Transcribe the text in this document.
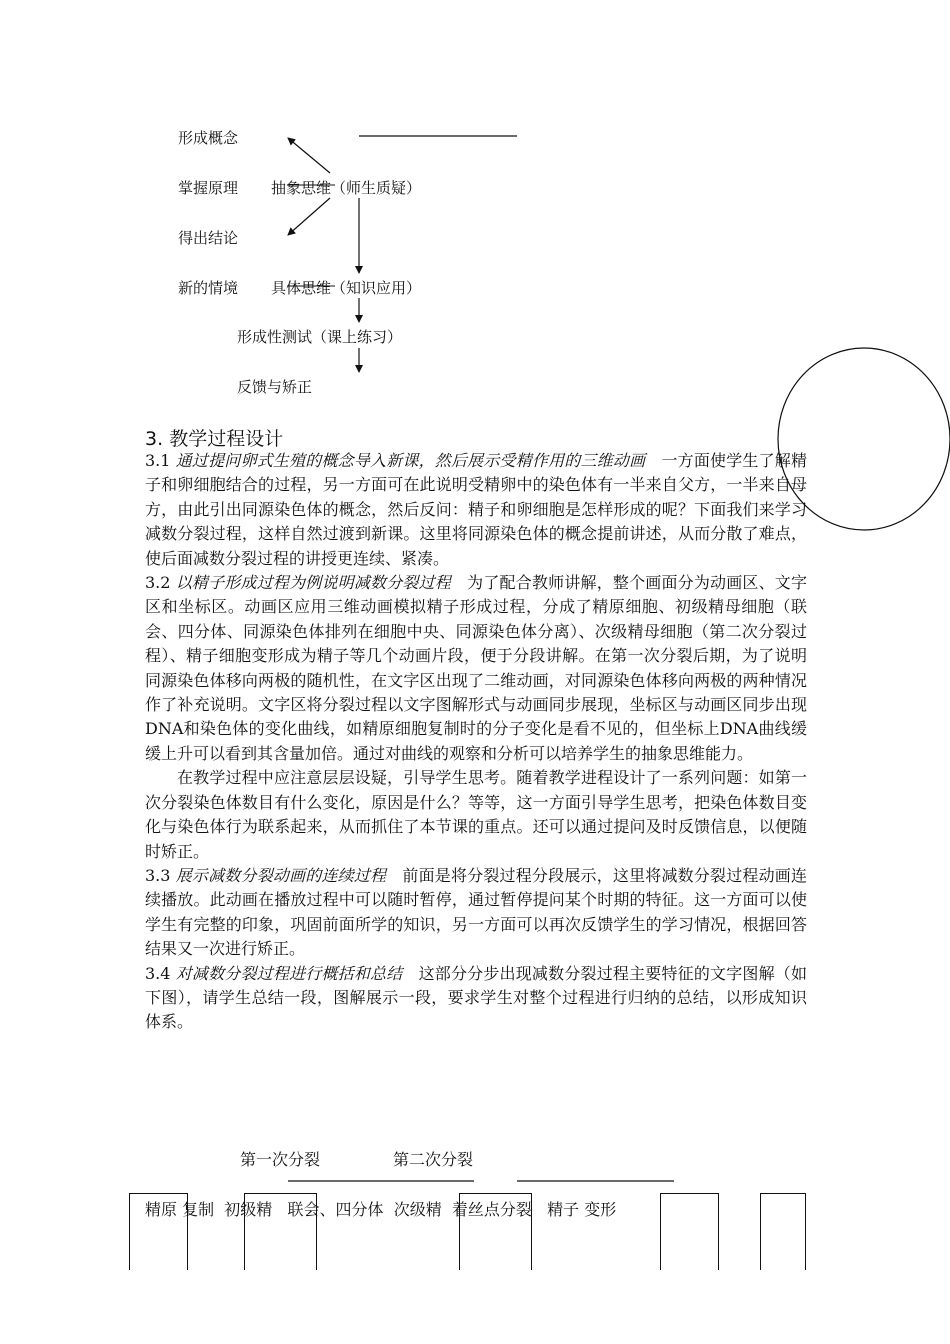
形成概念
掌握原理 抽象思维（师生质疑）
得出结论
新的情境 具体思维（知识应用）
形成性测试（课上练习）
反馈与矫正
3. 教学过程设计

3.1 通过提问卵式生殖的概念导入新课，然后展示受精作用的三维动画　一方面使学生了解精子和卵细胞结合的过程，另一方面可在此说明受精卵中的染色体有一半来自父方，一半来自母方，由此引出同源染色体的概念，然后反问：精子和卵细胞是怎样形成的呢？下面我们来学习减数分裂过程，这样自然过渡到新课。这里将同源染色体的概念提前讲述，从而分散了难点，使后面减数分裂过程的讲授更连续、紧凑。

3.2 以精子形成过程为例说明减数分裂过程　为了配合教师讲解，整个画面分为动画区、文字区和坐标区。动画区应用三维动画模拟精子形成过程，分成了精原细胞、初级精母细胞（联会、四分体、同源染色体排列在细胞中央、同源染色体分离）、次级精母细胞（第二次分裂过程）、精子细胞变形成为精子等几个动画片段，便于分段讲解。在第一次分裂后期，为了说明同源染色体移向两极的随机性，在文字区出现了二维动画，对同源染色体移向两极的两种情况作了补充说明。文字区将分裂过程以文字图解形式与动画同步展现，坐标区与动画区同步出现DNA和染色体的变化曲线，如精原细胞复制时的分子变化是看不见的，但坐标上DNA曲线缓缓上升可以看到其含量加倍。通过对曲线的观察和分析可以培养学生的抽象思维能力。

在教学过程中应注意层层设疑，引导学生思考。随着教学进程设计了一系列问题：如第一次分裂染色体数目有什么变化，原因是什么？等等，这一方面引导学生思考，把染色体数目变化与染色体行为联系起来，从而抓住了本节课的重点。还可以通过提问及时反馈信息，以便随时矫正。

3.3 展示减数分裂动画的连续过程　前面是将分裂过程分段展示，这里将减数分裂过程动画连续播放。此动画在播放过程中可以随时暂停，通过暂停提问某个时期的特征。这一方面可以使学生有完整的印象，巩固前面所学的知识，另一方面可以再次反馈学生的学习情况，根据回答结果又一次进行矫正。

3.4 对减数分裂过程进行概括和总结　这部分分步出现减数分裂过程主要特征的文字图解（如下图），请学生总结一段，图解展示一段，要求学生对整个过程进行归纳的总结，以形成知识体系。

第一次分裂	第二次分裂
精原 复制  初级精   联会、四分体  次级精  着丝点分裂   精子 变形
